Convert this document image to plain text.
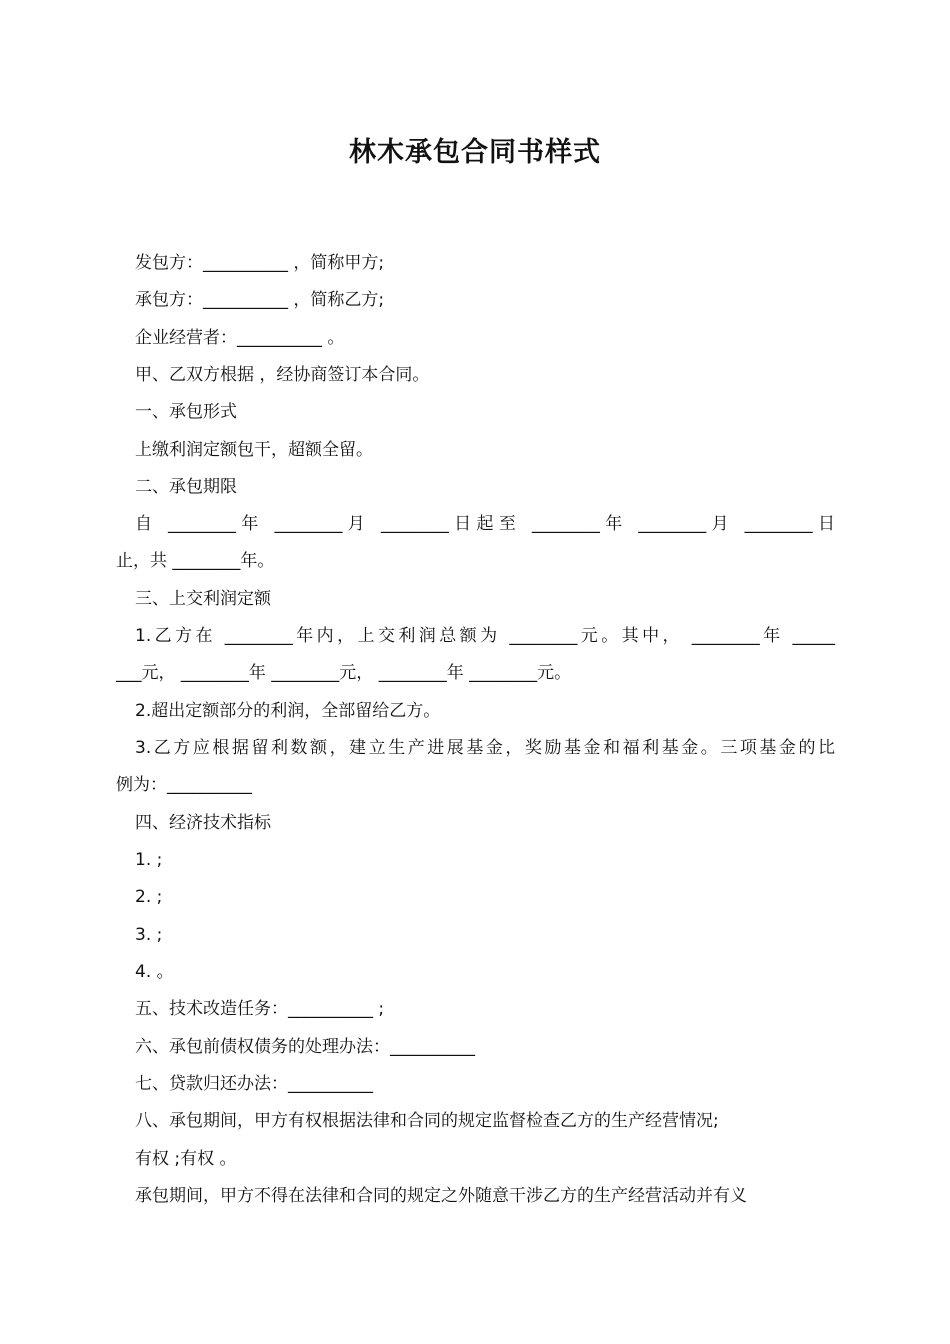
林木承包合同书样式
发包方：__________ ，简称甲方;
承包方：__________ ，简称乙方;
企业经营者：__________ 。
甲、乙双方根据 ，经协商签订本合同。
一、承包形式
上缴利润定额包干，超额全留。
二、承包期限
自 ________年 ________月 ________日起至 ________年 ________月 ________日
止，共 ________年。
三、上交利润定额
1.乙方在 ________年内，上交利润总额为 ________元。其中， ________年 _____
___元， ________年 ________元， ________年 ________元。
2.超出定额部分的利润，全部留给乙方。
3.乙方应根据留利数额，建立生产进展基金，奖励基金和福利基金。三项基金的比
例为：__________
四、经济技术指标
1. ;
2. ;
3. ;
4. 。
五、技术改造任务：__________ ;
六、承包前债权债务的处理办法：__________
七、贷款归还办法：__________
八、承包期间，甲方有权根据法律和合同的规定监督检查乙方的生产经营情况;
有权 ;有权 。
承包期间，甲方不得在法律和合同的规定之外随意干涉乙方的生产经营活动并有义
